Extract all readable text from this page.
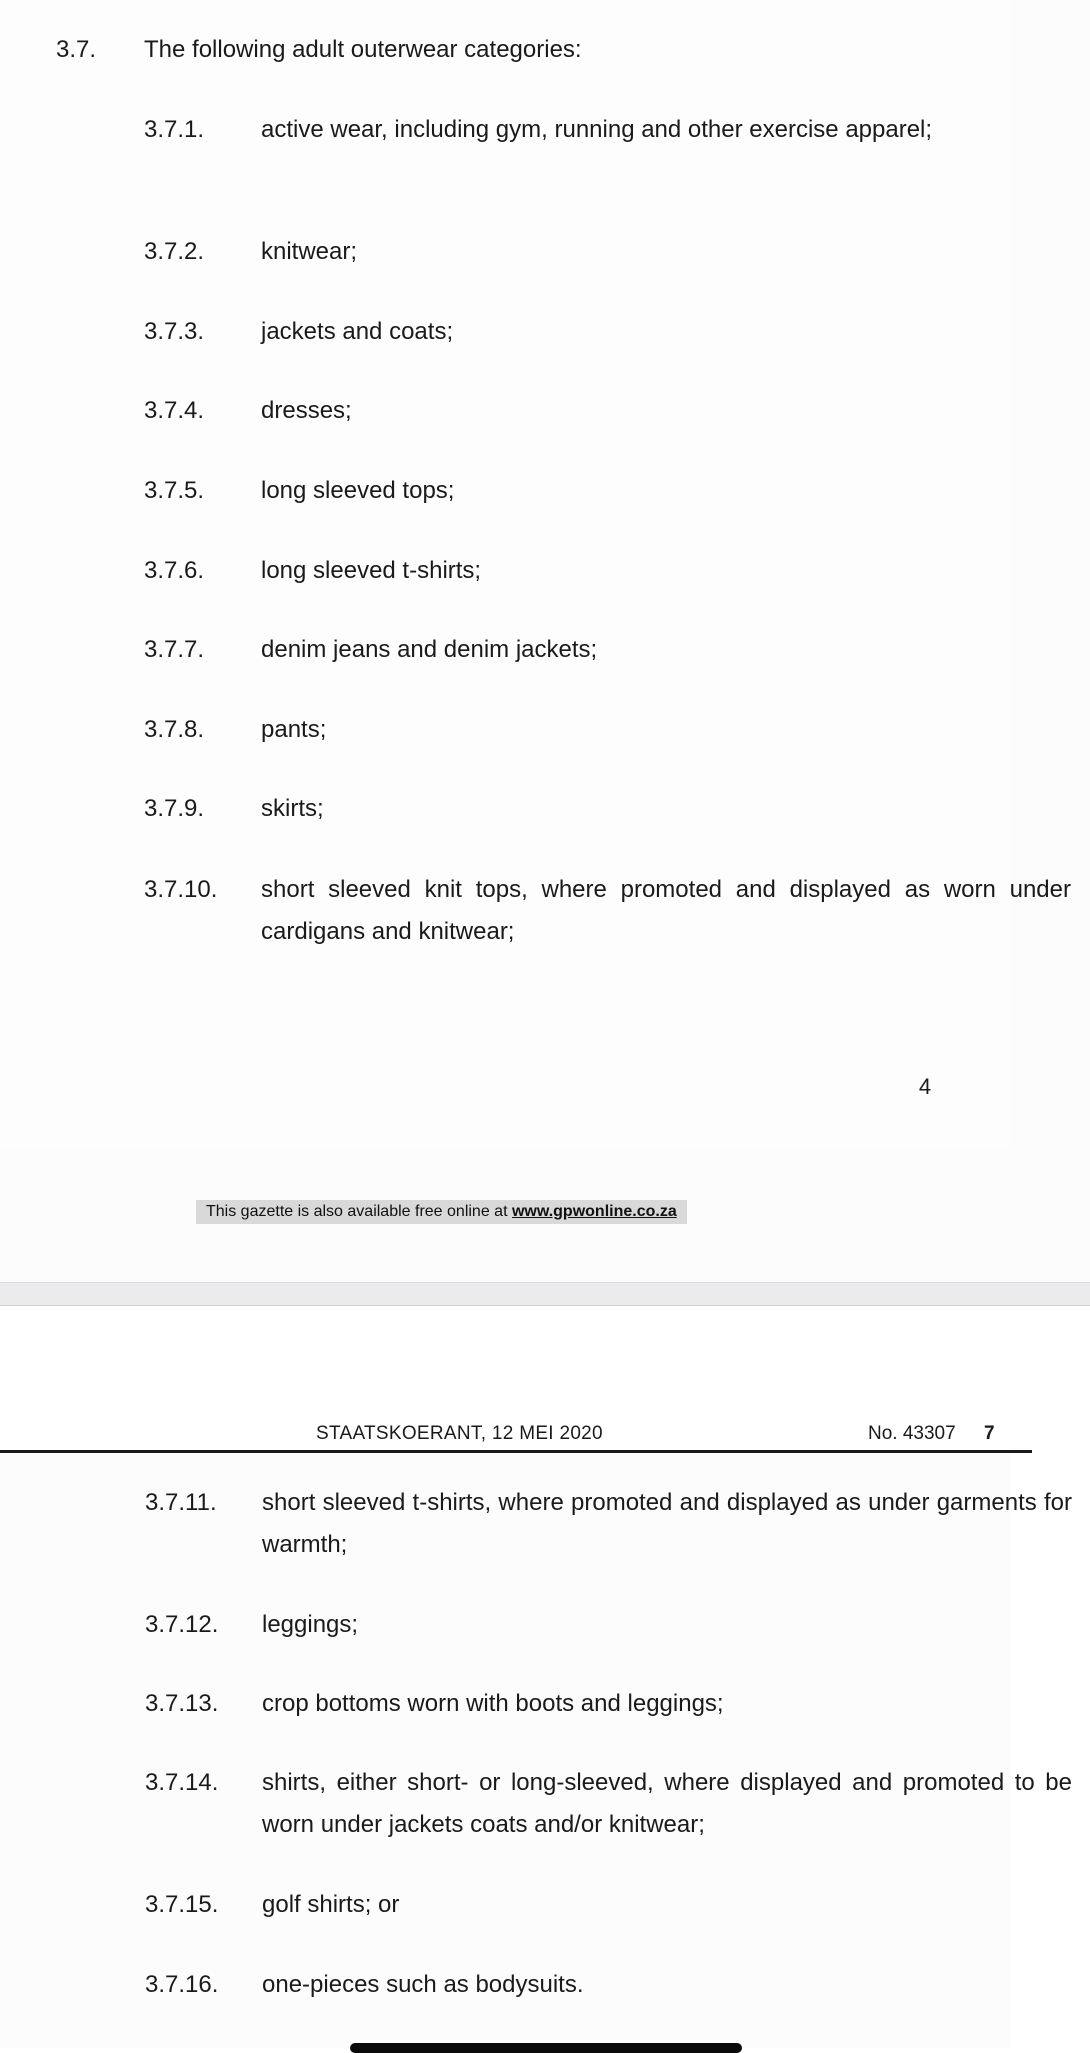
3.7. The following adult outerwear categories:
3.7.1. active wear, including gym, running and other exercise apparel;
3.7.2. knitwear;
3.7.3. jackets and coats;
3.7.4. dresses;
3.7.5. long sleeved tops;
3.7.6. long sleeved t-shirts;
3.7.7. denim jeans and denim jackets;
3.7.8. pants;
3.7.9. skirts;
3.7.10. short sleeved knit tops, where promoted and displayed as worn under cardigans and knitwear;
4
This gazette is also available free online at www.gpwonline.co.za
STAATSKOERANT, 12 MEI 2020	No. 43307 7
3.7.11. short sleeved t-shirts, where promoted and displayed as under garments for warmth;
3.7.12. leggings;
3.7.13. crop bottoms worn with boots and leggings;
3.7.14. shirts, either short- or long-sleeved, where displayed and promoted to be worn under jackets coats and/or knitwear;
3.7.15. golf shirts; or
3.7.16. one-pieces such as bodysuits.
